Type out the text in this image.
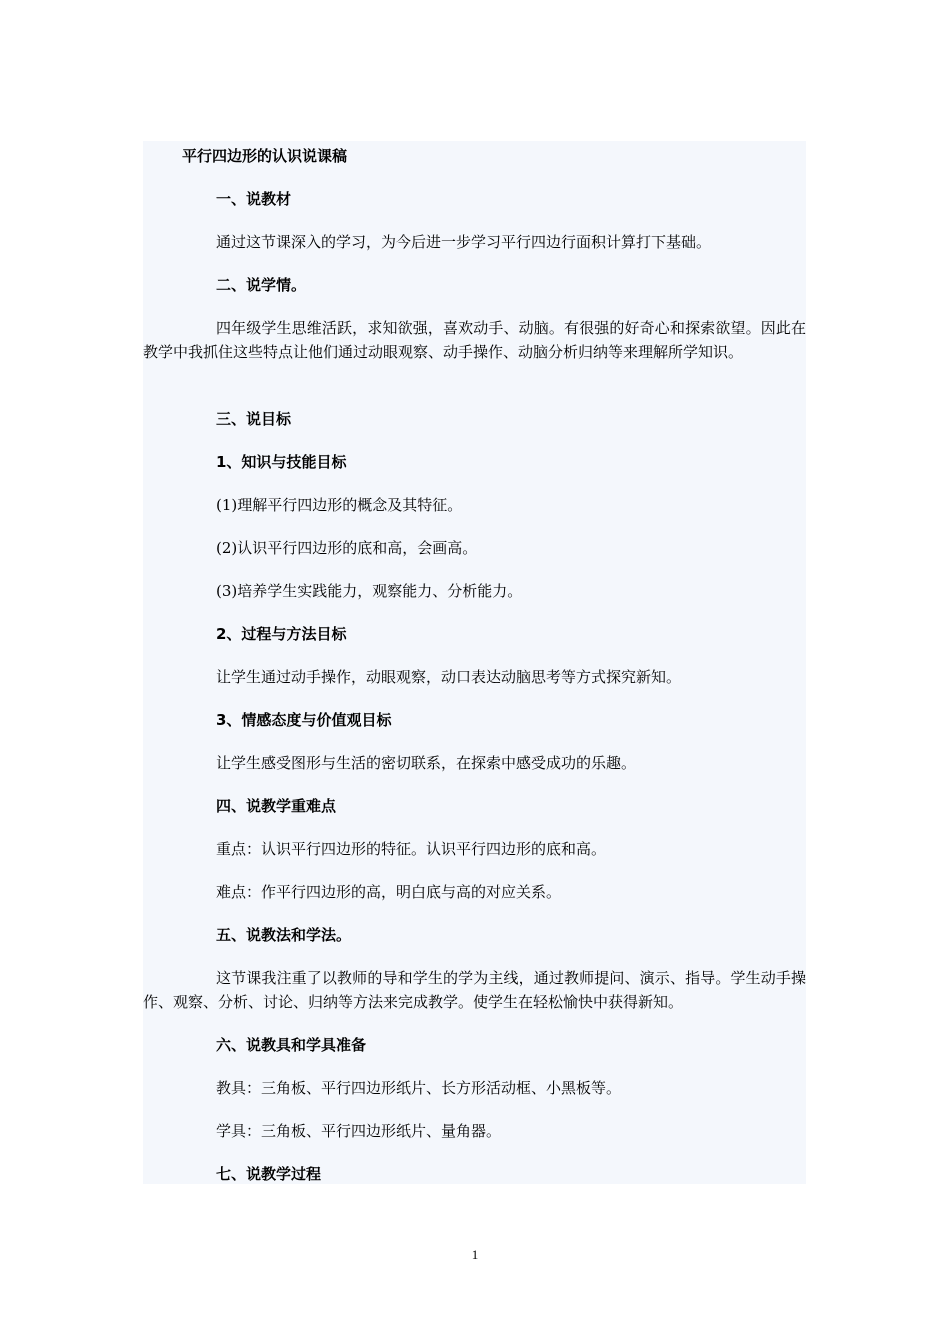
平行四边形的认识说课稿
一、说教材
通过这节课深入的学习，为今后进一步学习平行四边行面积计算打下基础。
二、说学情。
四年级学生思维活跃，求知欲强，喜欢动手、动脑。有很强的好奇心和探索欲望。因此在教学中我抓住这些特点让他们通过动眼观察、动手操作、动脑分析归纳等来理解所学知识。
三、说目标
1、知识与技能目标
(1)理解平行四边形的概念及其特征。
(2)认识平行四边形的底和高，会画高。
(3)培养学生实践能力，观察能力、分析能力。
2、过程与方法目标
让学生通过动手操作，动眼观察，动口表达动脑思考等方式探究新知。
3、情感态度与价值观目标
让学生感受图形与生活的密切联系，在探索中感受成功的乐趣。
四、说教学重难点
重点：认识平行四边形的特征。认识平行四边形的底和高。
难点：作平行四边形的高，明白底与高的对应关系。
五、说教法和学法。
这节课我注重了以教师的导和学生的学为主线，通过教师提问、演示、指导。学生动手操作、观察、分析、讨论、归纳等方法来完成教学。使学生在轻松愉快中获得新知。
六、说教具和学具准备
教具：三角板、平行四边形纸片、长方形活动框、小黑板等。
学具：三角板、平行四边形纸片、量角器。
七、说教学过程
1
